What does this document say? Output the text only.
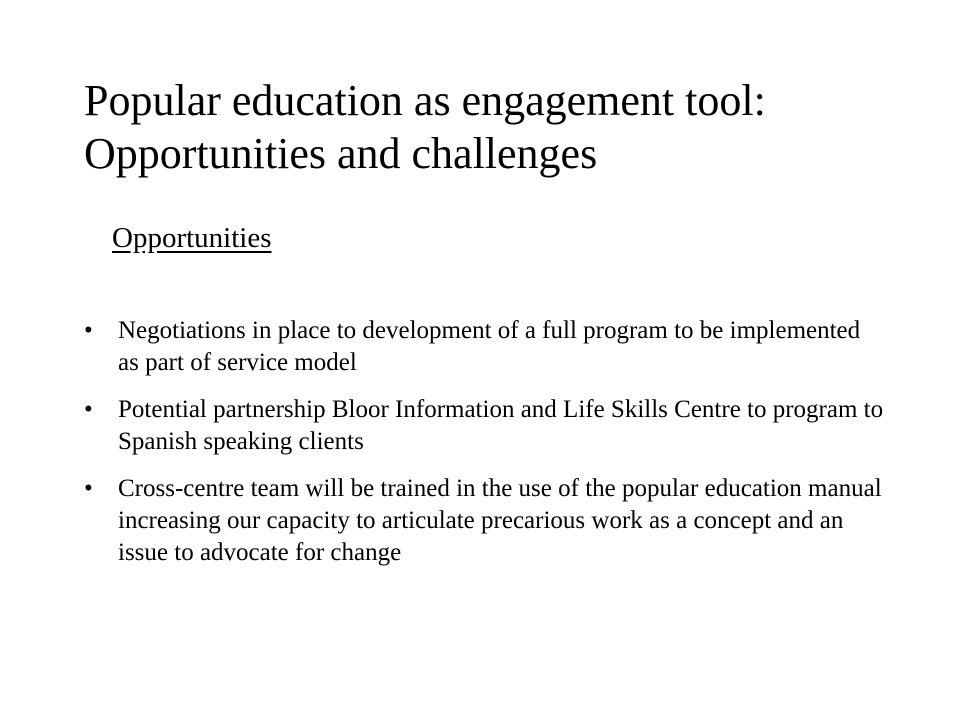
Popular education as engagement tool: Opportunities and challenges

Opportunities

•	Negotiations in place to development of a full program to be implemented as part of service model
•	Potential partnership Bloor Information and Life Skills Centre to program to Spanish speaking clients
•	Cross-centre team will be trained in the use of the popular education manual increasing our capacity to articulate precarious work as a concept and an issue to advocate for change
